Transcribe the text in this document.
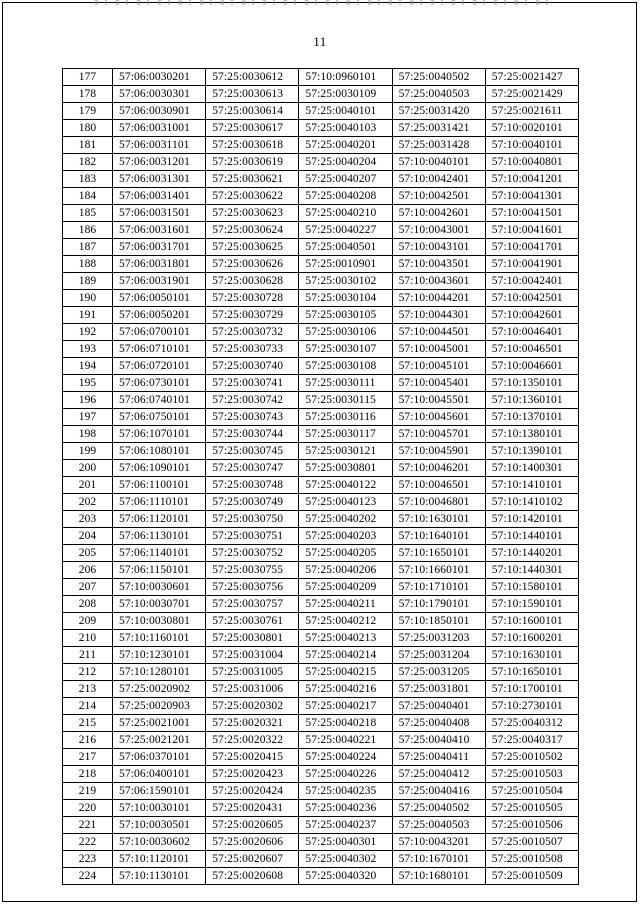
11
177	57:06:0030201	57:25:0030612	57:10:0960101	57:25:0040502	57:25:0021427
178	57:06:0030301	57:25:0030613	57:25:0030109	57:25:0040503	57:25:0021429
179	57:06:0030901	57:25:0030614	57:25:0040101	57:25:0031420	57:25:0021611
180	57:06:0031001	57:25:0030617	57:25:0040103	57:25:0031421	57:10:0020101
181	57:06:0031101	57:25:0030618	57:25:0040201	57:25:0031428	57:10:0040101
182	57:06:0031201	57:25:0030619	57:25:0040204	57:10:0040101	57:10:0040801
183	57:06:0031301	57:25:0030621	57:25:0040207	57:10:0042401	57:10:0041201
184	57:06:0031401	57:25:0030622	57:25:0040208	57:10:0042501	57:10:0041301
185	57:06:0031501	57:25:0030623	57:25:0040210	57:10:0042601	57:10:0041501
186	57:06:0031601	57:25:0030624	57:25:0040227	57:10:0043001	57:10:0041601
187	57:06:0031701	57:25:0030625	57:25:0040501	57:10:0043101	57:10:0041701
188	57:06:0031801	57:25:0030626	57:25:0010901	57:10:0043501	57:10:0041901
189	57:06:0031901	57:25:0030628	57:25:0030102	57:10:0043601	57:10:0042401
190	57:06:0050101	57:25:0030728	57:25:0030104	57:10:0044201	57:10:0042501
191	57:06:0050201	57:25:0030729	57:25:0030105	57:10:0044301	57:10:0042601
192	57:06:0700101	57:25:0030732	57:25:0030106	57:10:0044501	57:10:0046401
193	57:06:0710101	57:25:0030733	57:25:0030107	57:10:0045001	57:10:0046501
194	57:06:0720101	57:25:0030740	57:25:0030108	57:10:0045101	57:10:0046601
195	57:06:0730101	57:25:0030741	57:25:0030111	57:10:0045401	57:10:1350101
196	57:06:0740101	57:25:0030742	57:25:0030115	57:10:0045501	57:10:1360101
197	57:06:0750101	57:25:0030743	57:25:0030116	57:10:0045601	57:10:1370101
198	57:06:1070101	57:25:0030744	57:25:0030117	57:10:0045701	57:10:1380101
199	57:06:1080101	57:25:0030745	57:25:0030121	57:10:0045901	57:10:1390101
200	57:06:1090101	57:25:0030747	57:25:0030801	57:10:0046201	57:10:1400301
201	57:06:1100101	57:25:0030748	57:25:0040122	57:10:0046501	57:10:1410101
202	57:06:1110101	57:25:0030749	57:25:0040123	57:10:0046801	57:10:1410102
203	57:06:1120101	57:25:0030750	57:25:0040202	57:10:1630101	57:10:1420101
204	57:06:1130101	57:25:0030751	57:25:0040203	57:10:1640101	57:10:1440101
205	57:06:1140101	57:25:0030752	57:25:0040205	57:10:1650101	57:10:1440201
206	57:06:1150101	57:25:0030755	57:25:0040206	57:10:1660101	57:10:1440301
207	57:10:0030601	57:25:0030756	57:25:0040209	57:10:1710101	57:10:1580101
208	57:10:0030701	57:25:0030757	57:25:0040211	57:10:1790101	57:10:1590101
209	57:10:0030801	57:25:0030761	57:25:0040212	57:10:1850101	57:10:1600101
210	57:10:1160101	57:25:0030801	57:25:0040213	57:25:0031203	57:10:1600201
211	57:10:1230101	57:25:0031004	57:25:0040214	57:25:0031204	57:10:1630101
212	57:10:1280101	57:25:0031005	57:25:0040215	57:25:0031205	57:10:1650101
213	57:25:0020902	57:25:0031006	57:25:0040216	57:25:0031801	57:10:1700101
214	57:25:0020903	57:25:0020302	57:25:0040217	57:25:0040401	57:10:2730101
215	57:25:0021001	57:25:0020321	57:25:0040218	57:25:0040408	57:25:0040312
216	57:25:0021201	57:25:0020322	57:25:0040221	57:25:0040410	57:25:0040317
217	57:06:0370101	57:25:0020415	57:25:0040224	57:25:0040411	57:25:0010502
218	57:06:0400101	57:25:0020423	57:25:0040226	57:25:0040412	57:25:0010503
219	57:06:1590101	57:25:0020424	57:25:0040235	57:25:0040416	57:25:0010504
220	57:10:0030101	57:25:0020431	57:25:0040236	57:25:0040502	57:25:0010505
221	57:10:0030501	57:25:0020605	57:25:0040237	57:25:0040503	57:25:0010506
222	57:10:0030602	57:25:0020606	57:25:0040301	57:10:0043201	57:25:0010507
223	57:10:1120101	57:25:0020607	57:25:0040302	57:10:1670101	57:25:0010508
224	57:10:1130101	57:25:0020608	57:25:0040320	57:10:1680101	57:25:0010509
